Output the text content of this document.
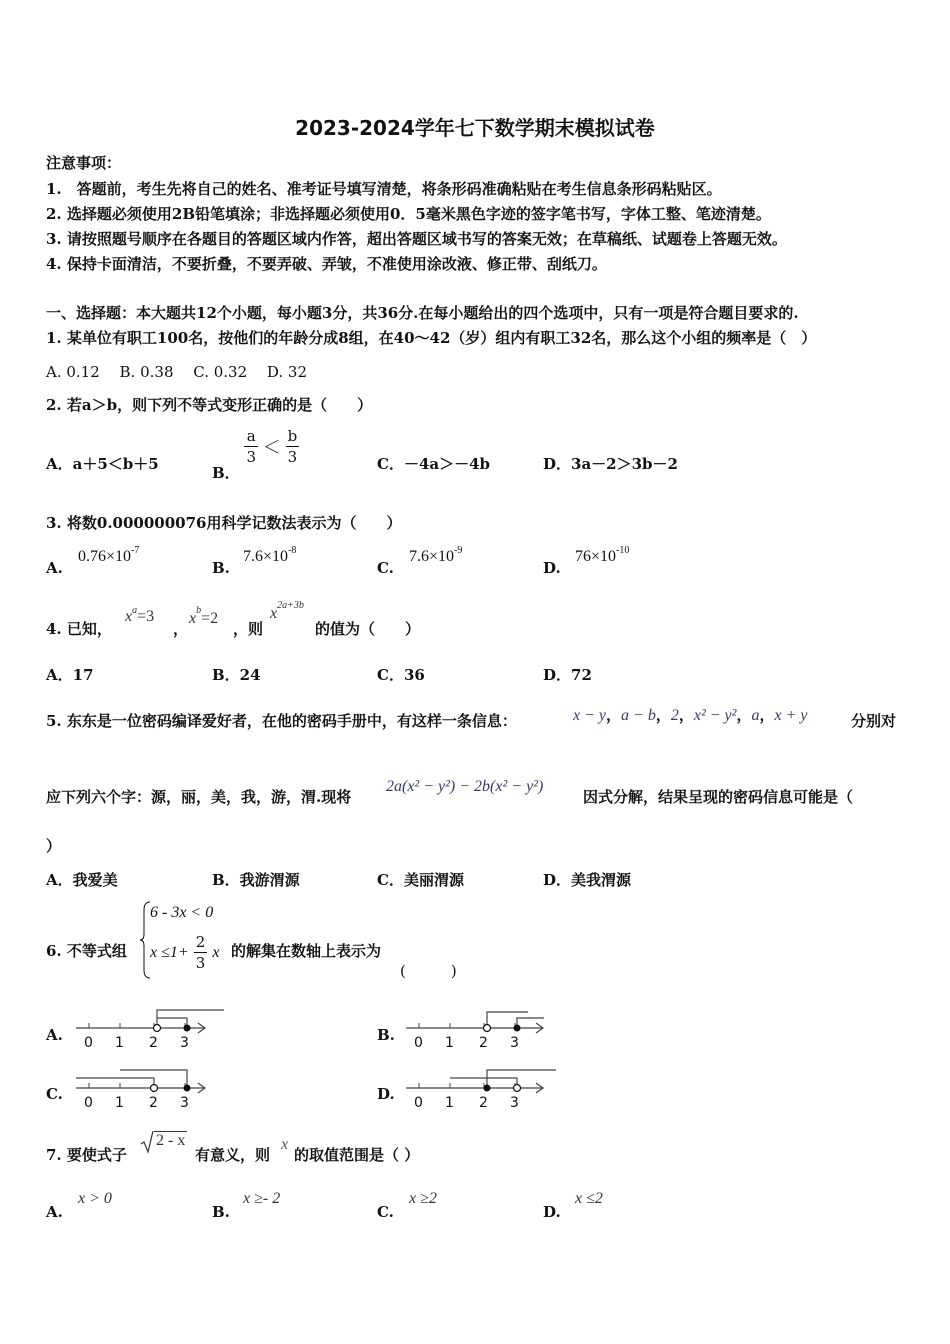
2023-2024学年七下数学期末模拟试卷
注意事项：
1.　答题前，考生先将自己的姓名、准考证号填写清楚，将条形码准确粘贴在考生信息条形码粘贴区。
2. 选择题必须使用2B铅笔填涂；非选择题必须使用0．5毫米黑色字迹的签字笔书写，字体工整、笔迹清楚。
3. 请按照题号顺序在各题目的答题区域内作答，超出答题区域书写的答案无效；在草稿纸、试题卷上答题无效。
4. 保持卡面清洁，不要折叠，不要弄破、弄皱，不准使用涂改液、修正带、刮纸刀。
一、选择题：本大题共12个小题，每小题3分，共36分.在每小题给出的四个选项中，只有一项是符合题目要求的.
1. 某单位有职工100名，按他们的年龄分成8组，在40～42（岁）组内有职工32名，那么这个小组的频率是（　）
A. 0.12　 B. 0.38　 C. 0.32　 D. 32
2. 若a＞b，则下列不等式变形正确的是（　　）
A．a＋5＜b＋5	B．
$\frac{a}{3} < \frac{b}{3}$	C．－4a＞－4b	D．3a－2＞3b－2
3. 将数0.000000076用科学记数法表示为（　　）
A.
$0.76\times 10^{-7}$
B.
$7.6\times 10^{-8}$
C.
$7.6\times 10^{-9}$
D.
$76\times 10^{-10}$
4. 已知，
$x^a=3$
，
$x^b=2$
，则
$x^{2a+3b}$
的值为（　　）
A．17	B．24	C．36	D．72
5. 东东是一位密码编译爱好者，在他的密码手册中，有这样一条信息：	x − y，a − b，2，x² − y²，a，x + y	分别对
应下列六个字：源，丽，美，我，游，渭.现将
2a(x² − y²) − 2b(x² − y²)
因式分解，结果呈现的密码信息可能是（
）
A．我爱美	B．我游渭源	C．美丽渭源	D．美我渭源
6. 不等式组
6 - 3x < 0
$x \le 1+ \frac{2}{3}$ x 的解集在数轴上表示为
(　　　)
A. 0 1 2 3	B. 0 1 2 3
C. 0 1 2 3	D. 0 1 2 3
7. 要使式子
2 - x
有意义，则
x
的取值范围是（ ）
A.
x > 0
B.
x ≥- 2
C.
x ≥2
D.
x ≤2
